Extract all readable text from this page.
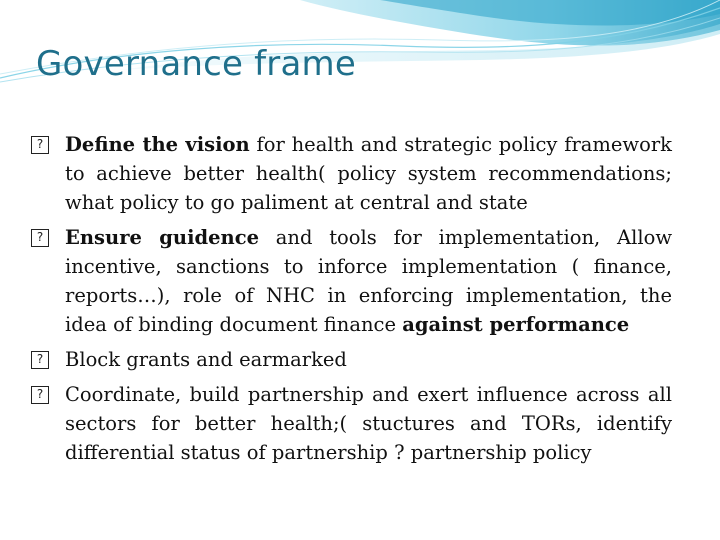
Governance frame

? Define the vision for health and strategic policy framework to achieve better health( policy system recommendations; what policy to go paliment at central and state

? Ensure guidence and tools for implementation, Allow incentive, sanctions to inforce implementation ( finance, reports…), role of NHC in enforcing implementation, the idea of binding document finance against performance

? Block grants and earmarked

? Coordinate, build partnership and exert influence across all sectors for better health;( stuctures and TORs, identify differential status of partnership ? partnership policy
